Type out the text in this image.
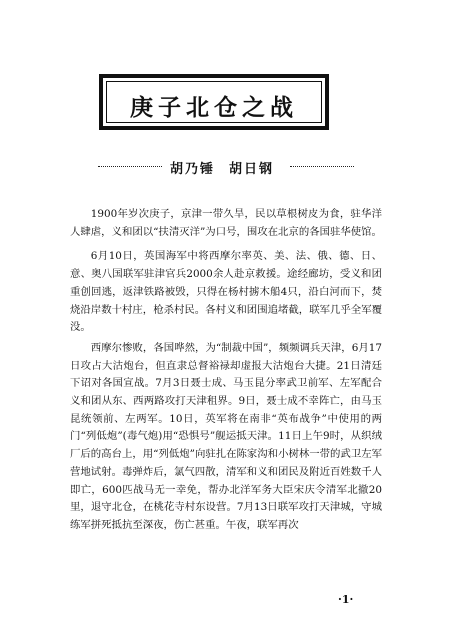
庚子北仓之战
胡乃锤 胡日钢

1900年岁次庚子，京津一带久旱，民以草根树皮为食，驻华洋人肆虐，义和团以“扶清灭洋”为口号，围攻在北京的各国驻华使馆。

6月10日，英国海军中将西摩尔率英、美、法、俄、德、日、意、奥八国联军驻津官兵2000余人赴京救援。途经廊坊，受义和团重创回逃，返津铁路被毁，只得在杨村掳木船4只，沿白河而下，焚烧沿岸数十村庄，枪杀村民。各村义和团围追堵截，联军几乎全军覆没。

西摩尔惨败，各国哗然，为“制裁中国”，频频调兵天津，6月17日攻占大沽炮台，但直隶总督裕禄却虚报大沽炮台大捷。21日清廷下诏对各国宣战。7月3日聂士成、马玉昆分率武卫前军、左军配合义和团从东、西两路攻打天津租界。9日，聂士成不幸阵亡，由马玉昆统领前、左两军。10日，英军将在南非“英布战争”中使用的两门“列低炮”(毒气炮)用“恐惧号”舰运抵天津。11日上午9时，从织绒厂后的高台上，用“列低炮”向驻扎在陈家沟和小树林一带的武卫左军营地试射。毒弹炸后，氯气四散，清军和义和团民及附近百姓数千人即亡，600匹战马无一幸免，帮办北洋军务大臣宋庆令清军北撤20里，退守北仓，在桃花寺村东设营。7月13日联军攻打天津城，守城练军拼死抵抗至深夜，伤亡甚重。午夜，联军再次

·1·
